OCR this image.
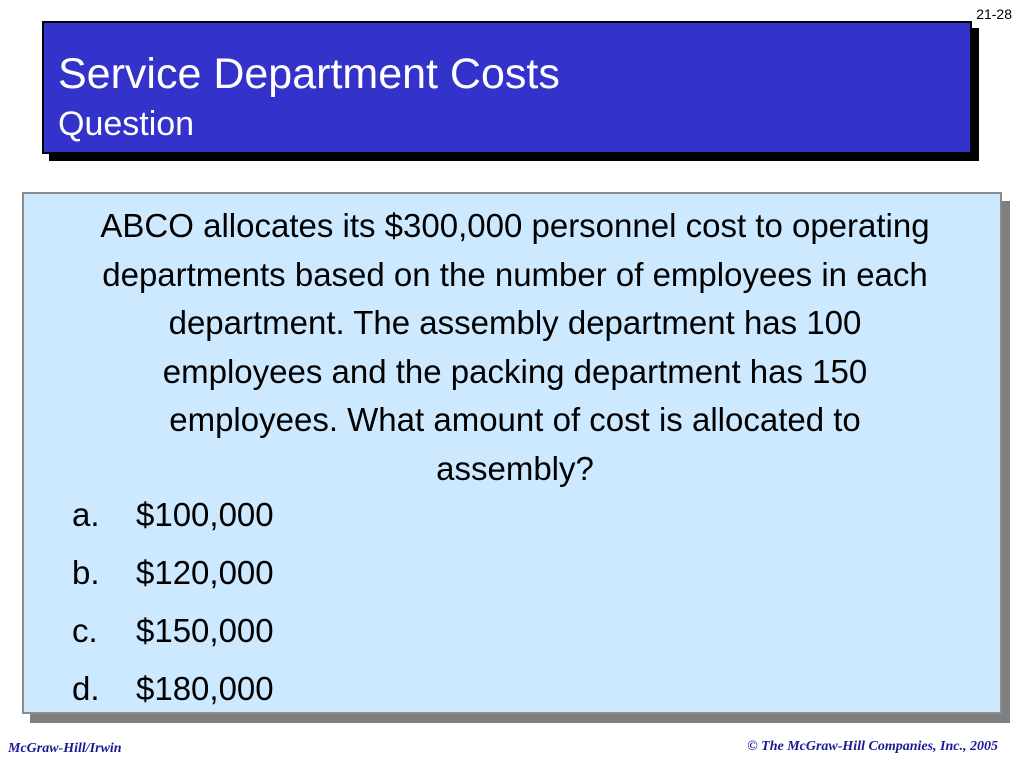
21-28
Service Department Costs
Question
ABCO allocates its $300,000 personnel cost to operating departments based on the number of employees in each department. The assembly department has 100 employees and the packing department has 150 employees. What amount of cost is allocated to assembly?
a. $100,000
b. $120,000
c. $150,000
d. $180,000
McGraw-Hill/Irwin	© The McGraw-Hill Companies, Inc., 2005
